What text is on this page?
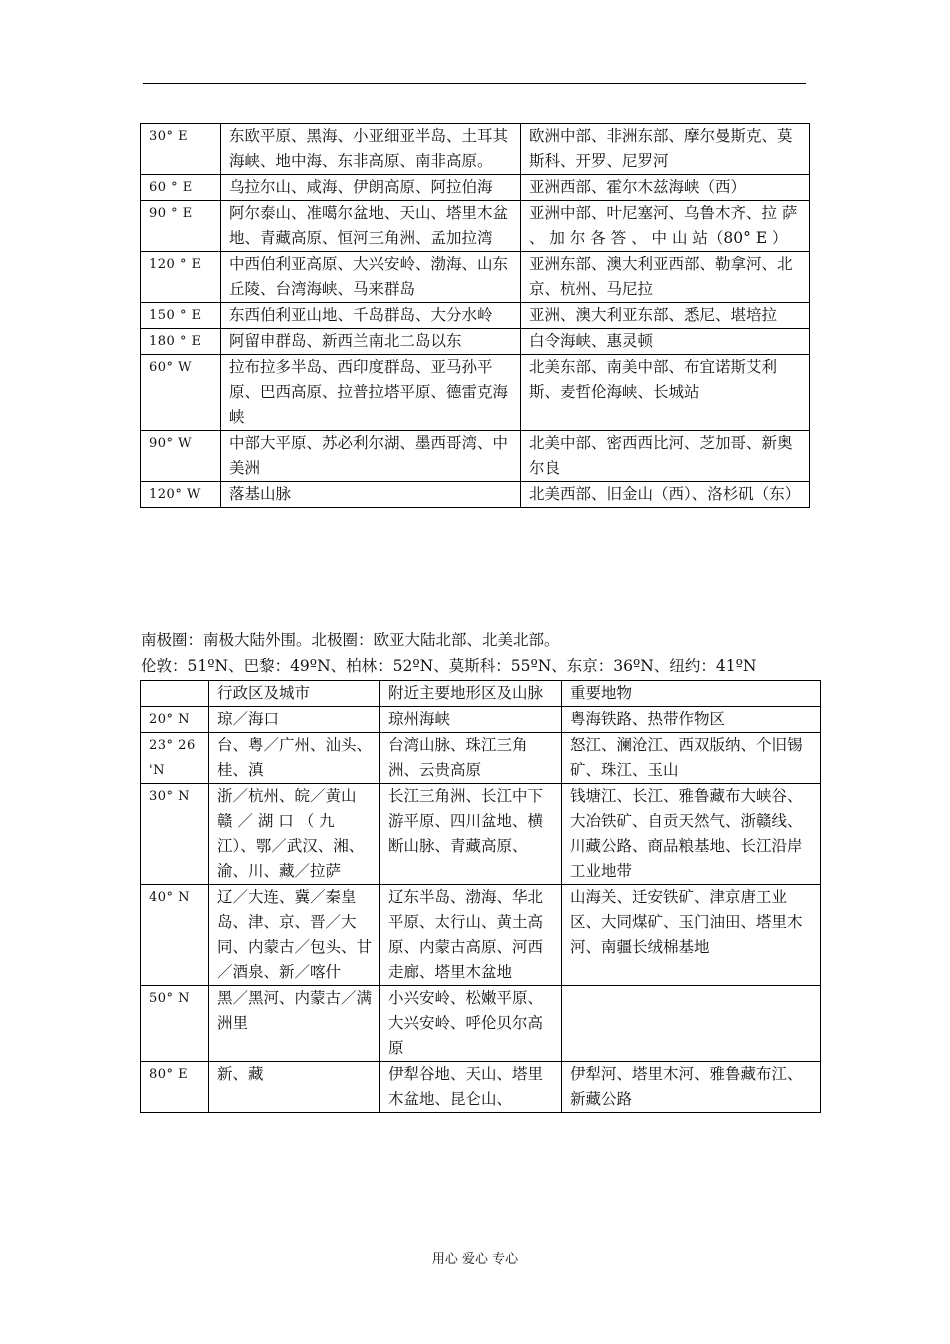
30° E	东欧平原、黑海、小亚细亚半岛、土耳其海峡、地中海、东非高原、南非高原。	欧洲中部、非洲东部、摩尔曼斯克、莫斯科、开罗、尼罗河
60 ° E	乌拉尔山、咸海、伊朗高原、阿拉伯海	亚洲西部、霍尔木兹海峡（西）
90 ° E	阿尔泰山、准噶尔盆地、天山、塔里木盆地、青藏高原、恒河三角洲、孟加拉湾	亚洲中部、叶尼塞河、乌鲁木齐、拉 萨 、 加 尔 各 答 、 中 山 站（80° E ）
120 ° E	中西伯利亚高原、大兴安岭、渤海、山东丘陵、台湾海峡、马来群岛	亚洲东部、澳大利亚西部、勒拿河、北京、杭州、马尼拉
150 ° E	东西伯利亚山地、千岛群岛、大分水岭	亚洲、澳大利亚东部、悉尼、堪培拉
180 ° E	阿留申群岛、新西兰南北二岛以东	白令海峡、惠灵顿
60° W	拉布拉多半岛、西印度群岛、亚马孙平原、巴西高原、拉普拉塔平原、德雷克海峡	北美东部、南美中部、布宜诺斯艾利斯、麦哲伦海峡、长城站
90° W	中部大平原、苏必利尔湖、墨西哥湾、中美洲	北美中部、密西西比河、芝加哥、新奥尔良
120° W	落基山脉	北美西部、旧金山（西）、洛杉矶（东）
南极圈：南极大陆外围。北极圈：欧亚大陆北部、北美北部。
伦敦：51ºN、巴黎：49ºN、柏林：52ºN、莫斯科：55ºN、东京：36ºN、纽约：41ºN
	行政区及城市	附近主要地形区及山脉	重要地物
20° N	琼／海口	琼州海峡	粤海铁路、热带作物区
23° 26 'N	台、粤／广州、汕头、桂、滇	台湾山脉、珠江三角洲、云贵高原	怒江、澜沧江、西双版纳、个旧锡矿、珠江、玉山
30° N	浙／杭州、皖／黄山 赣 ／ 湖 口 （ 九 江）、鄂／武汉、湘、渝、川、藏／拉萨	长江三角洲、长江中下游平原、四川盆地、横断山脉、青藏高原、	钱塘江、长江、雅鲁藏布大峡谷、大冶铁矿、自贡天然气、浙赣线、川藏公路、商品粮基地、长江沿岸工业地带
40° N	辽／大连、冀／秦皇岛、津、京、晋／大同、内蒙古／包头、甘／酒泉、新／喀什	辽东半岛、渤海、华北平原、太行山、黄土高原、内蒙古高原、河西走廊、塔里木盆地	山海关、迁安铁矿、津京唐工业区、大同煤矿、玉门油田、塔里木河、南疆长绒棉基地
50° N	黑／黑河、内蒙古／满洲里	小兴安岭、松嫩平原、大兴安岭、呼伦贝尔高原	
80° E	新、藏	伊犁谷地、天山、塔里木盆地、昆仑山、	伊犁河、塔里木河、雅鲁藏布江、新藏公路
用心 爱心 专心
